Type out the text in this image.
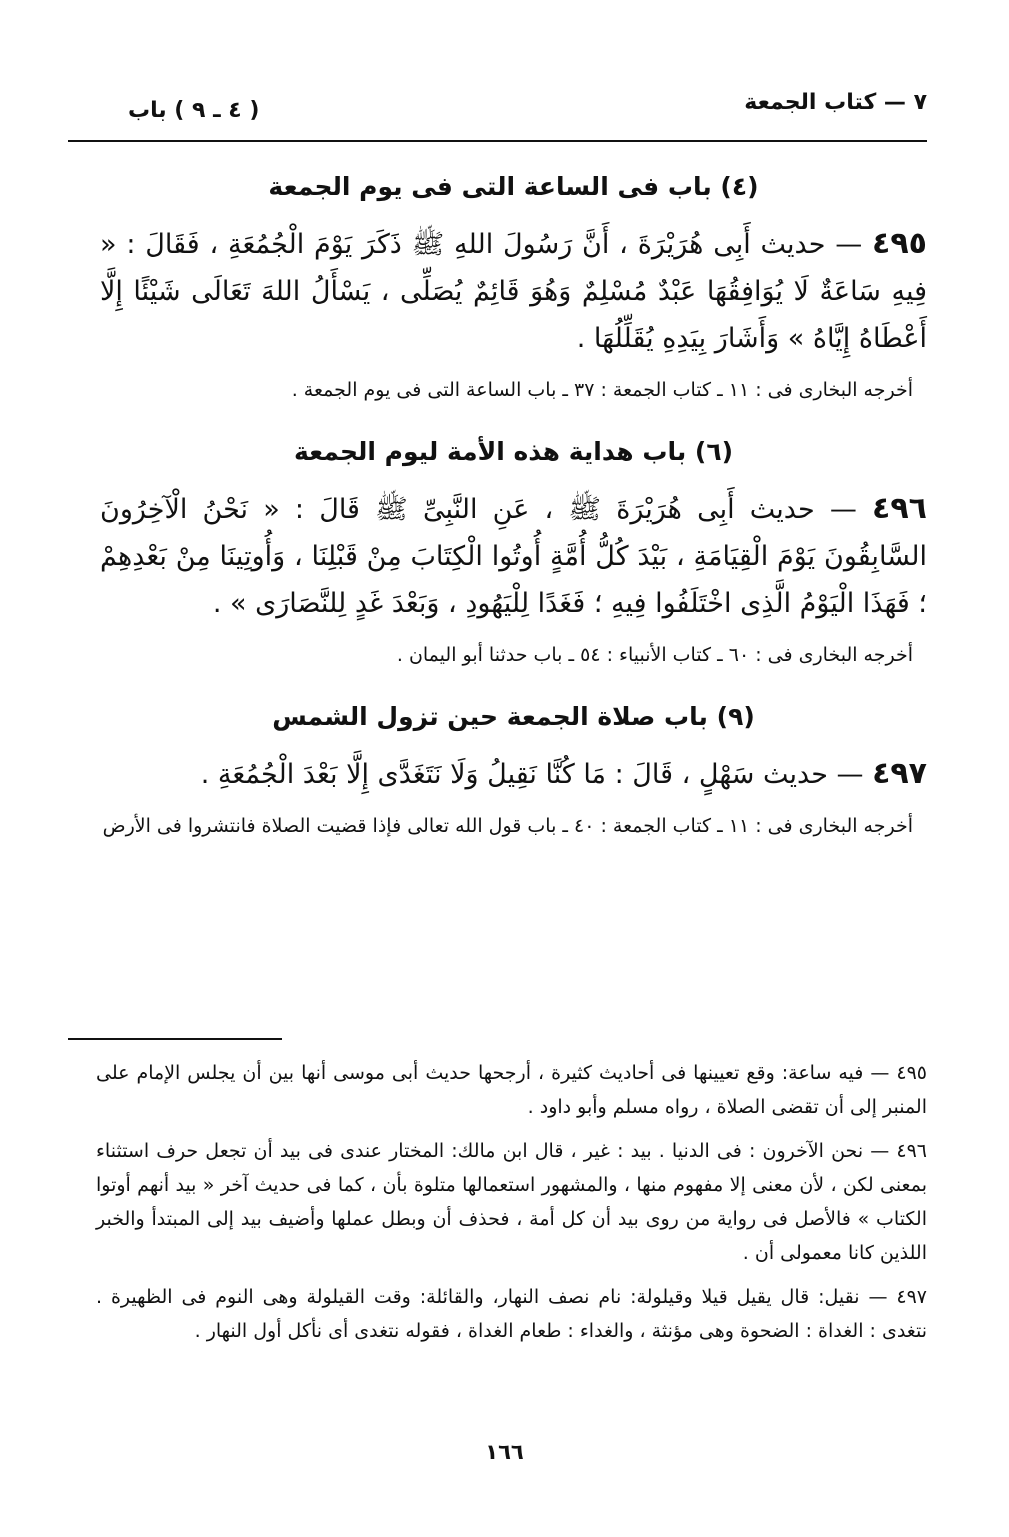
٧ — كتاب الجمعة
( ٤ ـ ٩ ) باب
(٤) باب فى الساعة التى فى يوم الجمعة

٤٩٥ — حديث أَبِى هُرَيْرَةَ ، أَنَّ رَسُولَ اللهِ ﷺ ذَكَرَ يَوْمَ الْجُمُعَةِ ، فَقَالَ : « فِيهِ سَاعَةٌ لَا يُوَافِقُهَا عَبْدٌ مُسْلِمٌ وَهُوَ قَائِمٌ يُصَلِّى ، يَسْأَلُ اللهَ تَعَالَى شَيْئًا إِلَّا أَعْطَاهُ إِيَّاهُ » وَأَشَارَ بِيَدِهِ يُقَلِّلُهَا .

أخرجه البخارى فى : ١١ ـ كتاب الجمعة : ٣٧ ـ باب الساعة التى فى يوم الجمعة .

(٦) باب هداية هذه الأمة ليوم الجمعة

٤٩٦ — حديث أَبِى هُرَيْرَةَ ﷺ ، عَنِ النَّبِىِّ ﷺ قَالَ : « نَحْنُ الْآخِرُونَ السَّابِقُونَ يَوْمَ الْقِيَامَةِ ، بَيْدَ كُلُّ أُمَّةٍ أُوتُوا الْكِتَابَ مِنْ قَبْلِنَا ، وَأُوتِينَا مِنْ بَعْدِهِمْ ؛ فَهَذَا الْيَوْمُ الَّذِى اخْتَلَفُوا فِيهِ ؛ فَغَدًا لِلْيَهُودِ ، وَبَعْدَ غَدٍ لِلنَّصَارَى » .

أخرجه البخارى فى : ٦٠ ـ كتاب الأنبياء : ٥٤ ـ باب حدثنا أبو اليمان .

(٩) باب صلاة الجمعة حين تزول الشمس

٤٩٧ — حديث سَهْلٍ ، قَالَ : مَا كُنَّا نَقِيلُ وَلَا نَتَغَدَّى إِلَّا بَعْدَ الْجُمُعَةِ .

أخرجه البخارى فى : ١١ ـ كتاب الجمعة : ٤٠ ـ باب قول الله تعالى فإذا قضيت الصلاة فانتشروا فى الأرض

٤٩٥ — فيه ساعة: وقع تعيينها فى أحاديث كثيرة ، أرجحها حديث أبى موسى أنها بين أن يجلس الإمام على المنبر إلى أن تقضى الصلاة ، رواه مسلم وأبو داود .

٤٩٦ — نحن الآخرون : فى الدنيا . بيد : غير ، قال ابن مالك: المختار عندى فى بيد أن تجعل حرف استثناء بمعنى لكن ، لأن معنى إلا مفهوم منها ، والمشهور استعمالها متلوة بأن ، كما فى حديث آخر « بيد أنهم أوتوا الكتاب » فالأصل فى رواية من روى بيد أن كل أمة ، فحذف أن وبطل عملها وأضيف بيد إلى المبتدأ والخبر اللذين كانا معمولى أن .

٤٩٧ — نقيل: قال يقيل قيلا وقيلولة: نام نصف النهار، والقائلة: وقت القيلولة وهى النوم فى الظهيرة . نتغدى : الغداة : الضحوة وهى مؤنثة ، والغداء : طعام الغداة ، فقوله نتغدى أى نأكل أول النهار .

١٦٦
